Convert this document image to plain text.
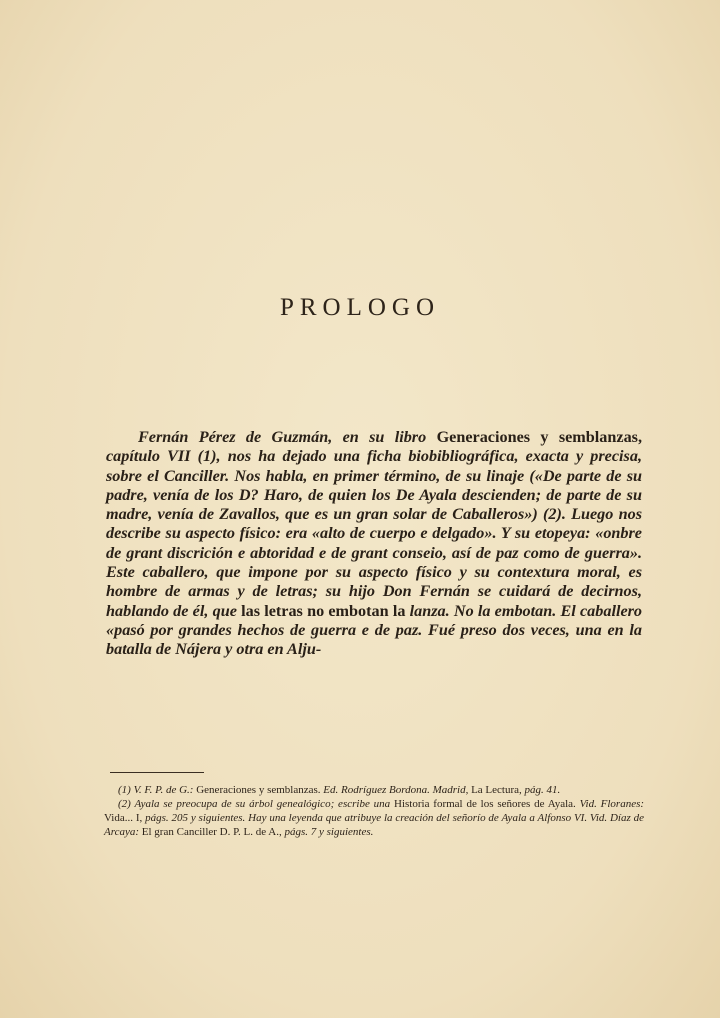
PROLOGO

Fernán Pérez de Guzmán, en su libro Generaciones y semblanzas, capítulo VII (1), nos ha dejado una ficha biobibliográfica, exacta y precisa, sobre el Canciller. Nos habla, en primer término, de su linaje («De parte de su padre, venía de los D? Haro, de quien los De Ayala descienden; de parte de su madre, venía de Zavallos, que es un gran solar de Caballeros») (2). Luego nos describe su aspecto físico: era «alto de cuerpo e delgado». Y su etopeya: «onbre de grant discrición e abtoridad e de grant conseio, así de paz como de guerra». Este caballero, que impone por su aspecto físico y su contextura moral, es hombre de armas y de letras; su hijo Don Fernán se cuidará de decirnos, hablando de él, que las letras no embotan la lanza. No la embotan. El caballero «pasó por grandes hechos de guerra e de paz. Fué preso dos veces, una en la batalla de Nájera y otra en Alju-

(1) V. F. P. de G.: Generaciones y semblanzas. Ed. Rodríguez Bordona. Madrid, La Lectura, pág. 41.

(2) Ayala se preocupa de su árbol genealógico; escribe una Historia formal de los señores de Ayala. Vid. Floranes: Vida... I, págs. 205 y siguientes. Hay una leyenda que atribuye la creación del señorío de Ayala a Alfonso VI. Vid. Díaz de Arcaya: El gran Canciller D. P. L. de A., págs. 7 y siguientes.
